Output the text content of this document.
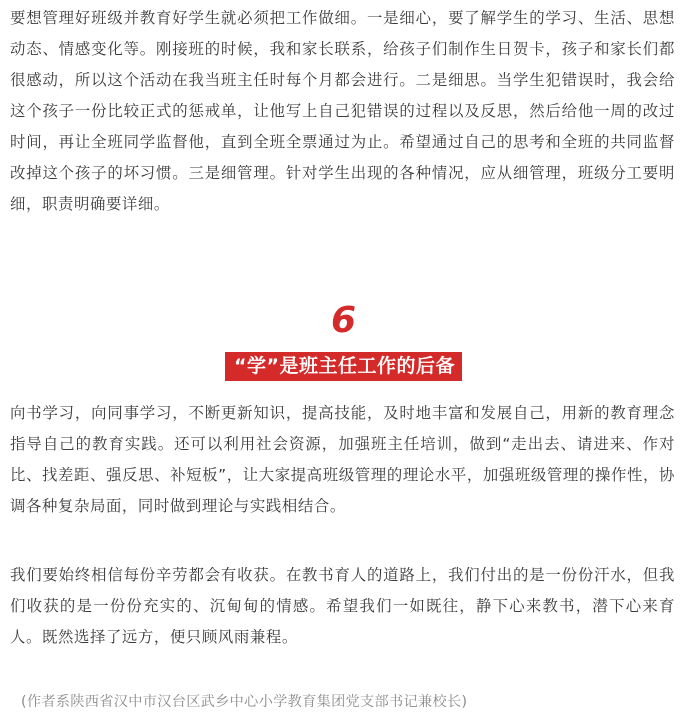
要想管理好班级并教育好学生就必须把工作做细。一是细心，要了解学生的学习、生活、思想动态、情感变化等。刚接班的时候，我和家长联系，给孩子们制作生日贺卡，孩子和家长们都很感动，所以这个活动在我当班主任时每个月都会进行。二是细思。当学生犯错误时，我会给这个孩子一份比较正式的惩戒单，让他写上自己犯错误的过程以及反思，然后给他一周的改过时间，再让全班同学监督他，直到全班全票通过为止。希望通过自己的思考和全班的共同监督改掉这个孩子的坏习惯。三是细管理。针对学生出现的各种情况，应从细管理，班级分工要明细，职责明确要详细。

6
“学”是班主任工作的后备

向书学习，向同事学习，不断更新知识，提高技能，及时地丰富和发展自己，用新的教育理念指导自己的教育实践。还可以利用社会资源，加强班主任培训，做到“走出去、请进来、作对比、找差距、强反思、补短板”，让大家提高班级管理的理论水平，加强班级管理的操作性，协调各种复杂局面，同时做到理论与实践相结合。

我们要始终相信每份辛劳都会有收获。在教书育人的道路上，我们付出的是一份份汗水，但我们收获的是一份份充实的、沉甸甸的情感。希望我们一如既往，静下心来教书，潜下心来育人。既然选择了远方，便只顾风雨兼程。

(作者系陕西省汉中市汉台区武乡中心小学教育集团党支部书记兼校长)
